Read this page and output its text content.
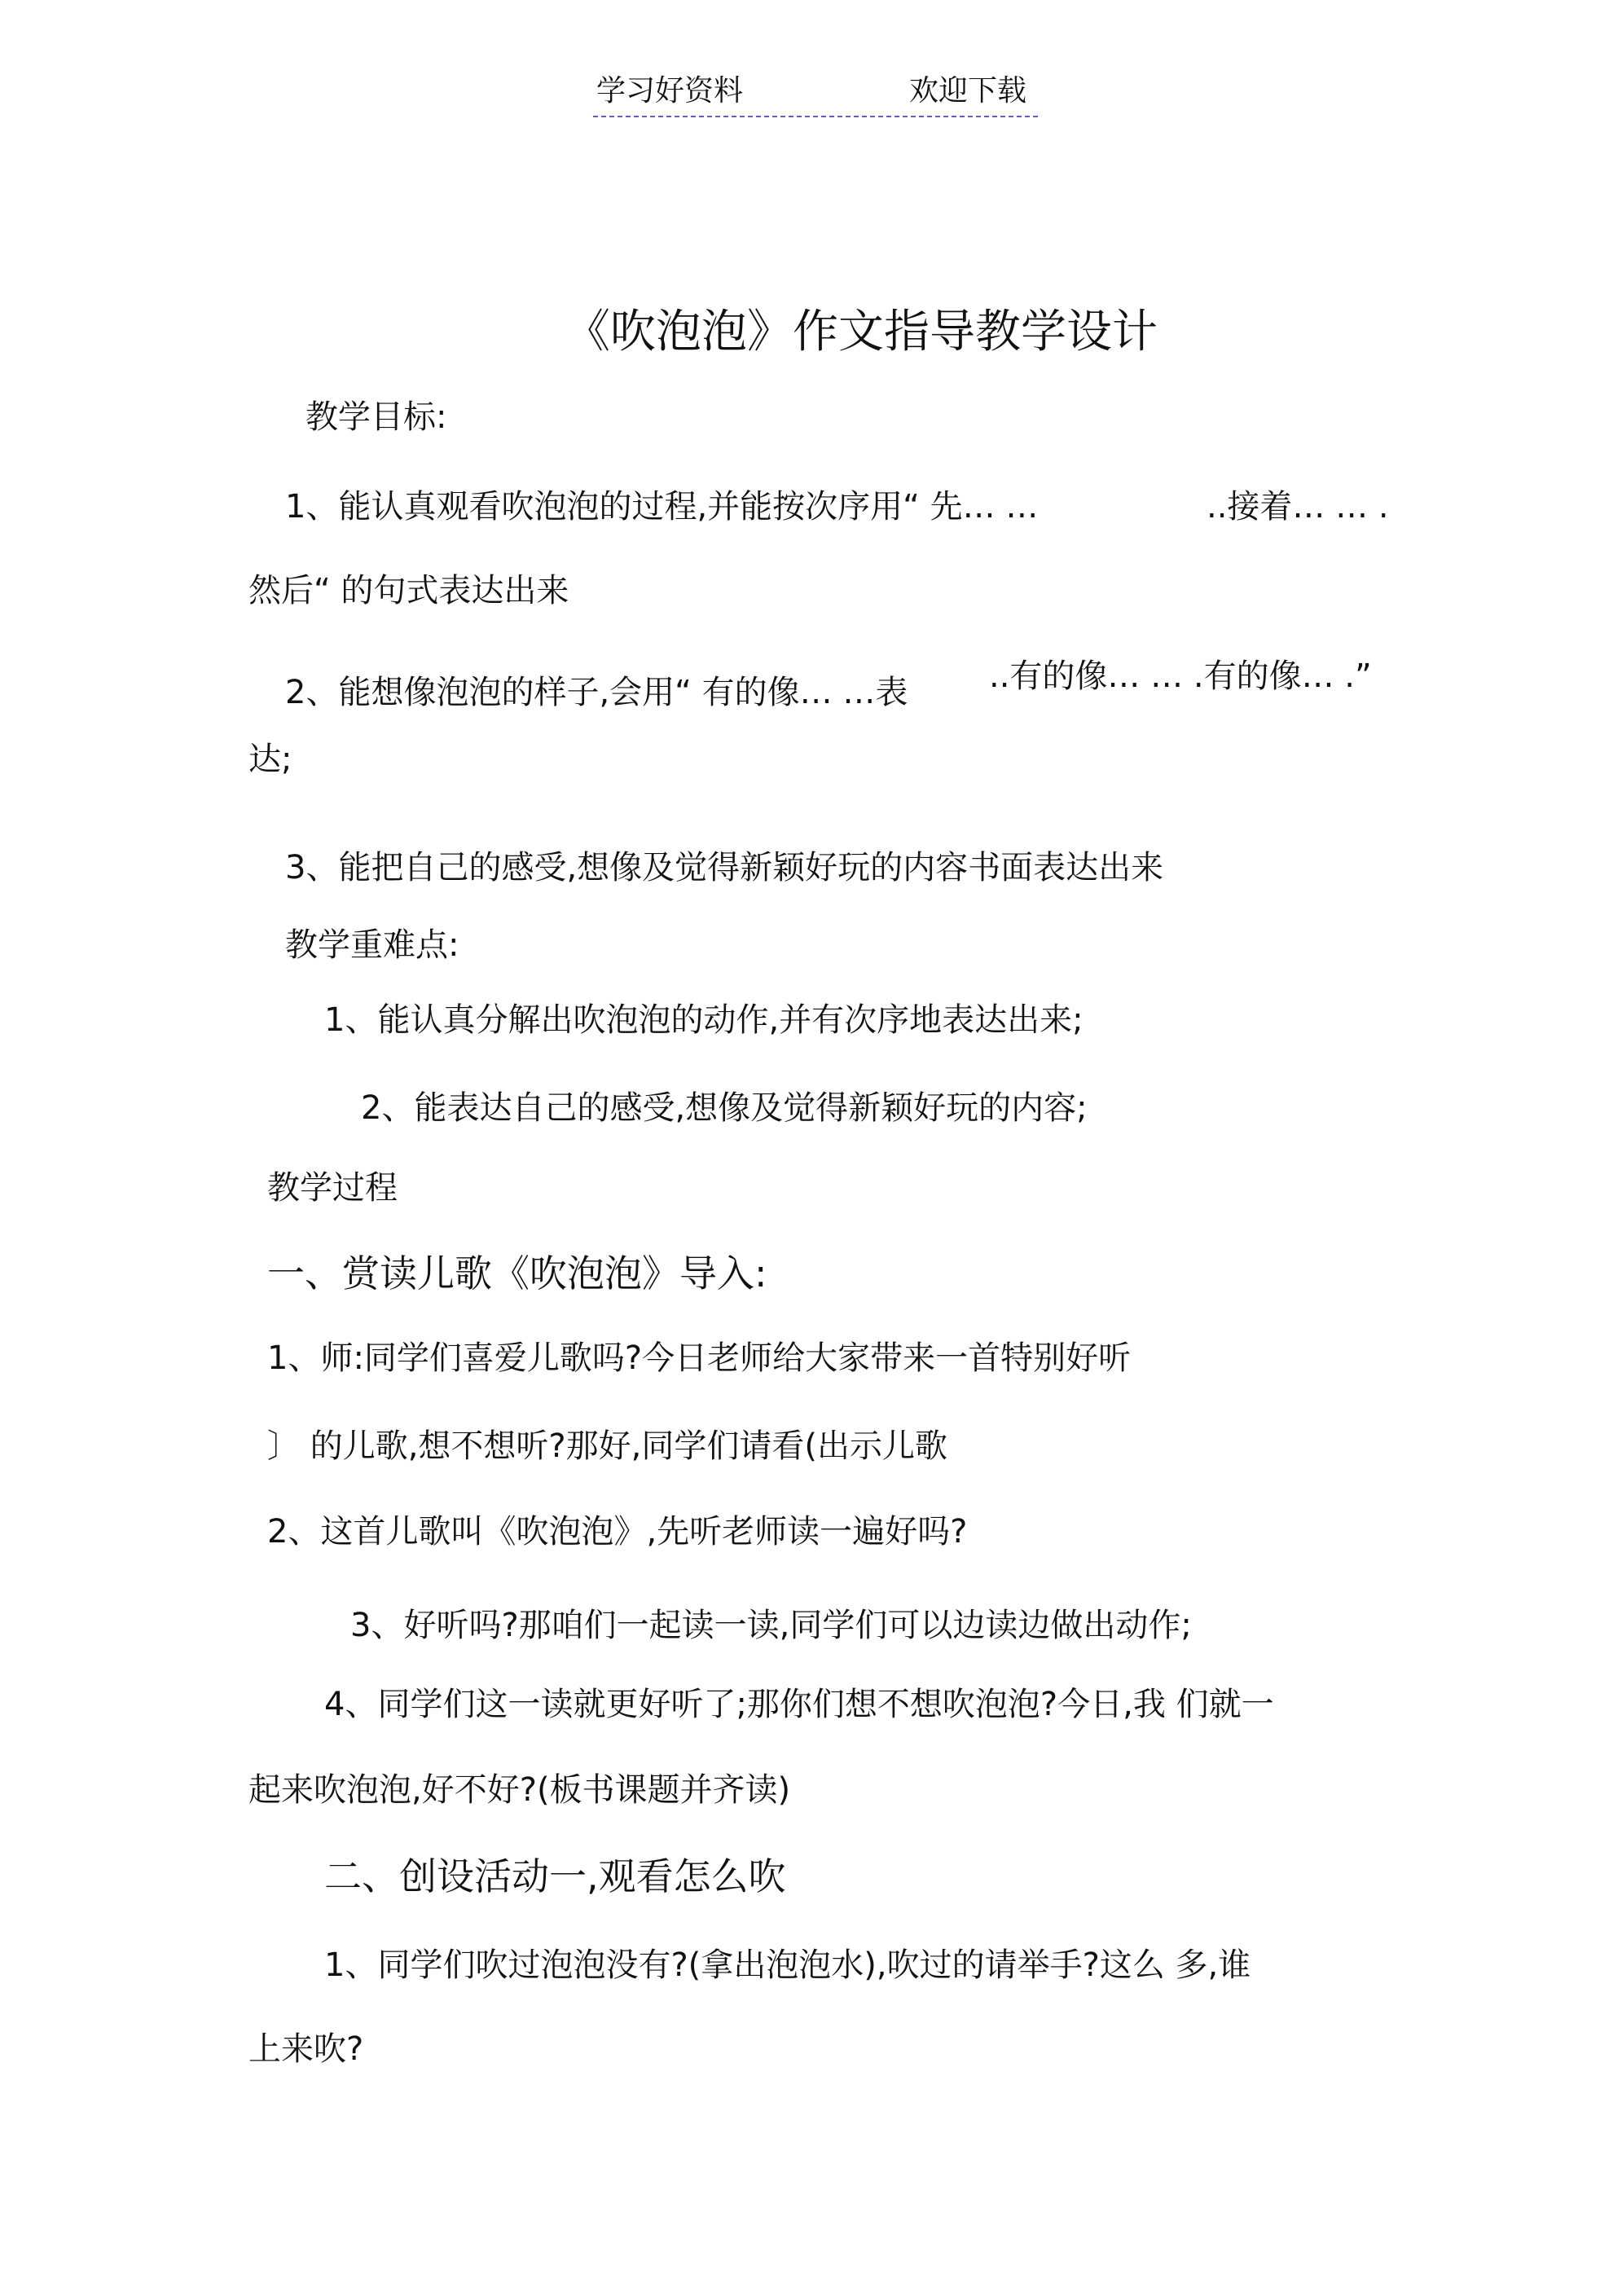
学习好资料	欢迎下载
《吹泡泡》作文指导教学设计
教学目标:
1、能认真观看吹泡泡的过程,并能按次序用“ 先… …	..接着… … .
然后“ 的句式表达出来
2、能想像泡泡的样子,会用“ 有的像… …表 ..有的像… … .有的像… .”
达;
3、能把自己的感受,想像及觉得新颖好玩的内容书面表达出来
教学重难点:
1、能认真分解出吹泡泡的动作,并有次序地表达出来;
2、能表达自己的感受,想像及觉得新颖好玩的内容;
教学过程
一、赏读儿歌《吹泡泡》导入:
1、师:同学们喜爱儿歌吗?今日老师给大家带来一首特别好听
〕 的儿歌,想不想听?那好,同学们请看(出示儿歌
2、这首儿歌叫《吹泡泡》,先听老师读一遍好吗?
3、好听吗?那咱们一起读一读,同学们可以边读边做出动作;
4、同学们这一读就更好听了;那你们想不想吹泡泡?今日,我 们就一
起来吹泡泡,好不好?(板书课题并齐读)
二、创设活动一,观看怎么吹
1、同学们吹过泡泡没有?(拿出泡泡水),吹过的请举手?这么 多,谁
上来吹?
